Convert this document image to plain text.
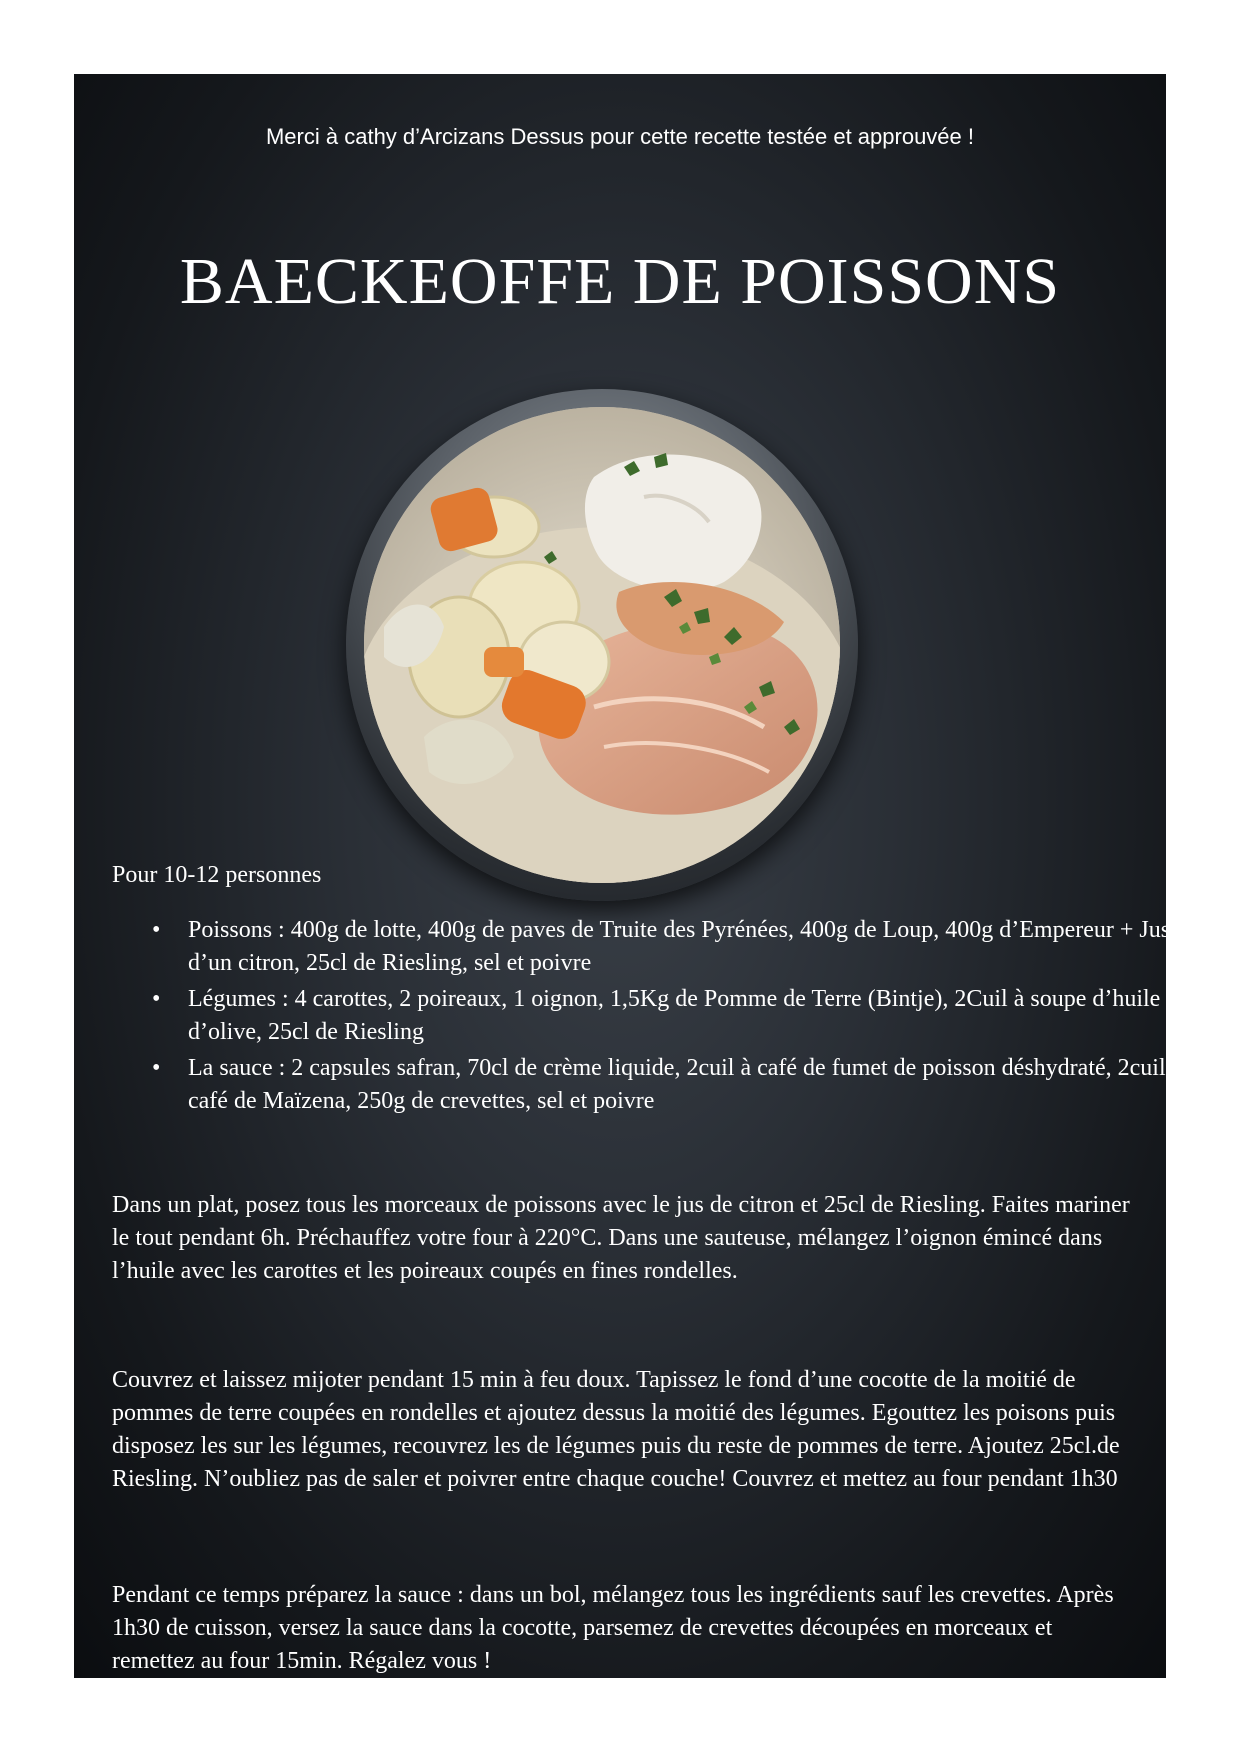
Merci à cathy d’Arcizans Dessus pour cette recette testée et approuvée !
BAECKEOFFE DE POISSONS
Pour 10-12 personnes
• Poissons : 400g de lotte, 400g de paves de Truite des Pyrénées, 400g de Loup, 400g d’Empereur + Jus d’un citron, 25cl de Riesling, sel et poivre
• Légumes : 4 carottes, 2 poireaux, 1 oignon, 1,5Kg de Pomme de Terre (Bintje), 2Cuil à soupe d’huile d’olive, 25cl de Riesling
• La sauce : 2 capsules safran, 70cl de crème liquide, 2cuil à café de fumet de poisson déshydraté, 2cuil à café de Maïzena, 250g de crevettes, sel et poivre

Dans un plat, posez tous les morceaux de poissons avec le jus de citron et 25cl de Riesling. Faites mariner le tout pendant 6h. Préchauffez votre four à 220°C. Dans une sauteuse, mélangez l’oignon émincé dans l’huile avec les carottes et les poireaux coupés en fines rondelles.

Couvrez et laissez mijoter pendant 15 min à feu doux. Tapissez le fond d’une cocotte de la moitié de pommes de terre coupées en rondelles et ajoutez dessus la moitié des légumes. Egouttez les poisons puis disposez les sur les légumes, recouvrez les de légumes puis du reste de pommes de terre. Ajoutez 25cl.de Riesling. N’oubliez pas de saler et poivrer entre chaque couche! Couvrez et mettez au four pendant 1h30

Pendant ce temps préparez la sauce : dans un bol, mélangez tous les ingrédients sauf les crevettes. Après 1h30 de cuisson, versez la sauce dans la cocotte, parsemez de crevettes découpées en morceaux et remettez au four 15min. Régalez vous !
